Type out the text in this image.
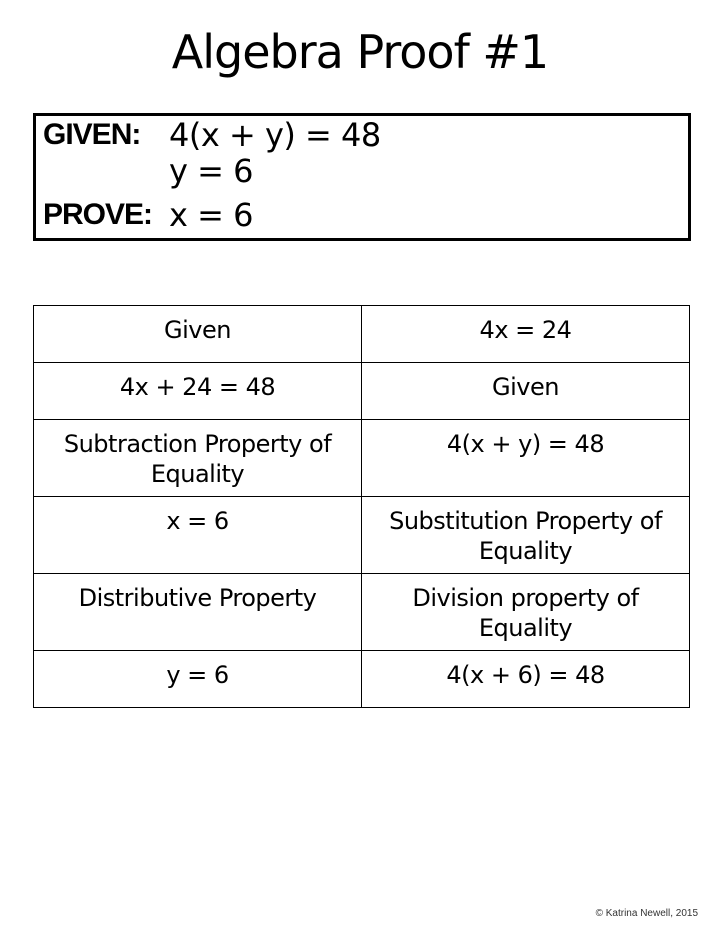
Algebra Proof #1
GIVEN: 4(x + y) = 48
y = 6
PROVE: x = 6
Given	4x = 24
4x + 24 = 48	Given
Subtraction Property of Equality	4(x + y) = 48
x = 6	Substitution Property of Equality
Distributive Property	Division property of Equality
y = 6	4(x + 6) = 48
© Katrina Newell, 2015
